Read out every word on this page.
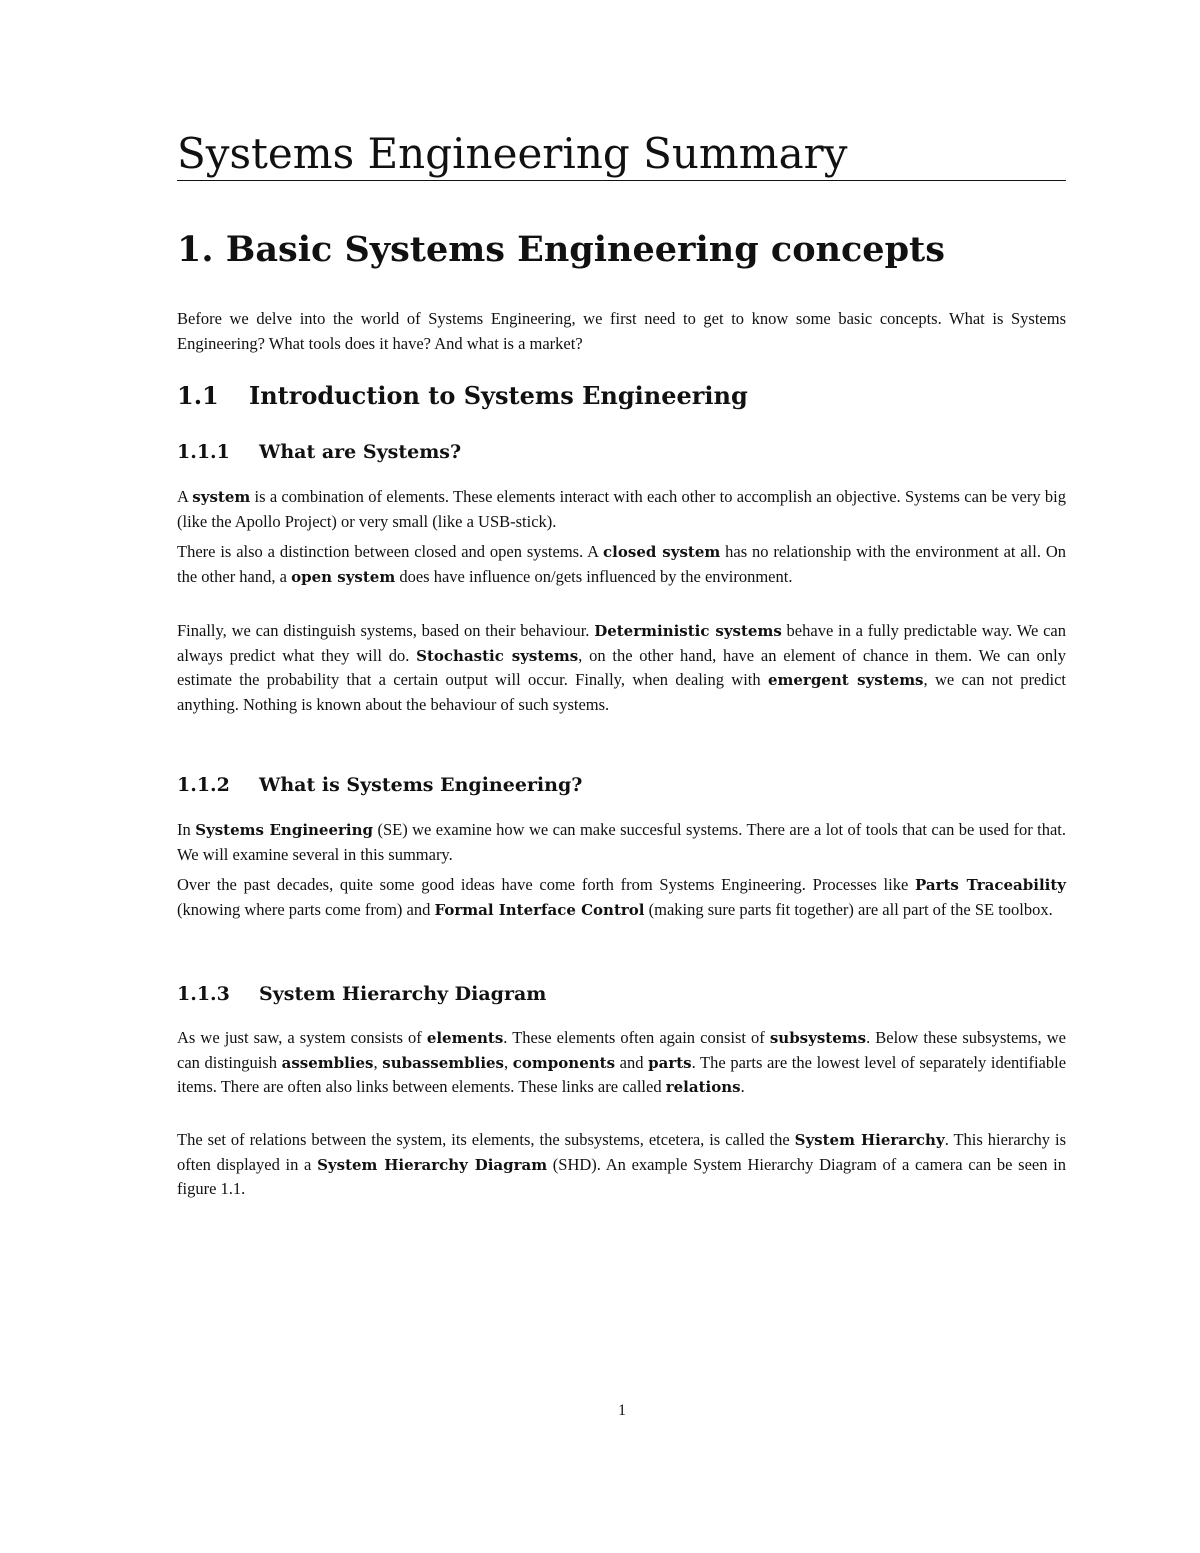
Systems Engineering Summary
1. Basic Systems Engineering concepts

Before we delve into the world of Systems Engineering, we first need to get to know some basic concepts. What is Systems Engineering? What tools does it have? And what is a market?

1.1 Introduction to Systems Engineering
1.1.1 What are Systems?

A system is a combination of elements. These elements interact with each other to accomplish an objective. Systems can be very big (like the Apollo Project) or very small (like a USB-stick).

There is also a distinction between closed and open systems. A closed system has no relationship with the environment at all. On the other hand, a open system does have influence on/gets influenced by the environment.

Finally, we can distinguish systems, based on their behaviour. Deterministic systems behave in a fully predictable way. We can always predict what they will do. Stochastic systems, on the other hand, have an element of chance in them. We can only estimate the probability that a certain output will occur. Finally, when dealing with emergent systems, we can not predict anything. Nothing is known about the behaviour of such systems.

1.1.2 What is Systems Engineering?

In Systems Engineering (SE) we examine how we can make succesful systems. There are a lot of tools that can be used for that. We will examine several in this summary.

Over the past decades, quite some good ideas have come forth from Systems Engineering. Processes like Parts Traceability (knowing where parts come from) and Formal Interface Control (making sure parts fit together) are all part of the SE toolbox.

1.1.3 System Hierarchy Diagram

As we just saw, a system consists of elements. These elements often again consist of subsystems. Below these subsystems, we can distinguish assemblies, subassemblies, components and parts. The parts are the lowest level of separately identifiable items. There are often also links between elements. These links are called relations.

The set of relations between the system, its elements, the subsystems, etcetera, is called the System Hierarchy. This hierarchy is often displayed in a System Hierarchy Diagram (SHD). An example System Hierarchy Diagram of a camera can be seen in figure 1.1.

1
